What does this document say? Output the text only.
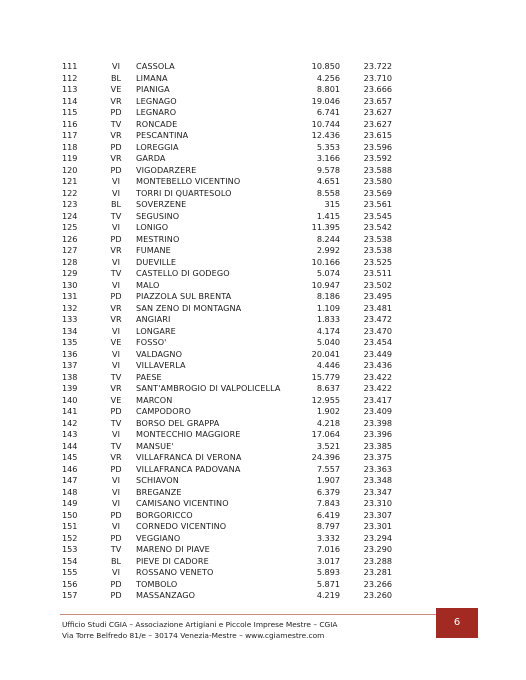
111	VI	CASSOLA	10.850	23.722
112	BL	LIMANA	4.256	23.710
113	VE	PIANIGA	8.801	23.666
114	VR	LEGNAGO	19.046	23.657
115	PD	LEGNARO	6.741	23.627
116	TV	RONCADE	10.744	23.627
117	VR	PESCANTINA	12.436	23.615
118	PD	LOREGGIA	5.353	23.596
119	VR	GARDA	3.166	23.592
120	PD	VIGODARZERE	9.578	23.588
121	VI	MONTEBELLO VICENTINO	4.651	23.580
122	VI	TORRI DI QUARTESOLO	8.558	23.569
123	BL	SOVERZENE	315	23.561
124	TV	SEGUSINO	1.415	23.545
125	VI	LONIGO	11.395	23.542
126	PD	MESTRINO	8.244	23.538
127	VR	FUMANE	2.992	23.538
128	VI	DUEVILLE	10.166	23.525
129	TV	CASTELLO DI GODEGO	5.074	23.511
130	VI	MALO	10.947	23.502
131	PD	PIAZZOLA SUL BRENTA	8.186	23.495
132	VR	SAN ZENO DI MONTAGNA	1.109	23.481
133	VR	ANGIARI	1.833	23.472
134	VI	LONGARE	4.174	23.470
135	VE	FOSSO'	5.040	23.454
136	VI	VALDAGNO	20.041	23.449
137	VI	VILLAVERLA	4.446	23.436
138	TV	PAESE	15.779	23.422
139	VR	SANT'AMBROGIO DI VALPOLICELLA	8.637	23.422
140	VE	MARCON	12.955	23.417
141	PD	CAMPODORO	1.902	23.409
142	TV	BORSO DEL GRAPPA	4.218	23.398
143	VI	MONTECCHIO MAGGIORE	17.064	23.396
144	TV	MANSUE'	3.521	23.385
145	VR	VILLAFRANCA DI VERONA	24.396	23.375
146	PD	VILLAFRANCA PADOVANA	7.557	23.363
147	VI	SCHIAVON	1.907	23.348
148	VI	BREGANZE	6.379	23.347
149	VI	CAMISANO VICENTINO	7.843	23.310
150	PD	BORGORICCO	6.419	23.307
151	VI	CORNEDO VICENTINO	8.797	23.301
152	PD	VEGGIANO	3.332	23.294
153	TV	MARENO DI PIAVE	7.016	23.290
154	BL	PIEVE DI CADORE	3.017	23.288
155	VI	ROSSANO VENETO	5.893	23.281
156	PD	TOMBOLO	5.871	23.266
157	PD	MASSANZAGO	4.219	23.260
Ufficio Studi CGIA – Associazione Artigiani e Piccole Imprese Mestre – CGIA
Via Torre Belfredo 81/e – 30174 Venezia-Mestre – www.cgiamestre.com
6
